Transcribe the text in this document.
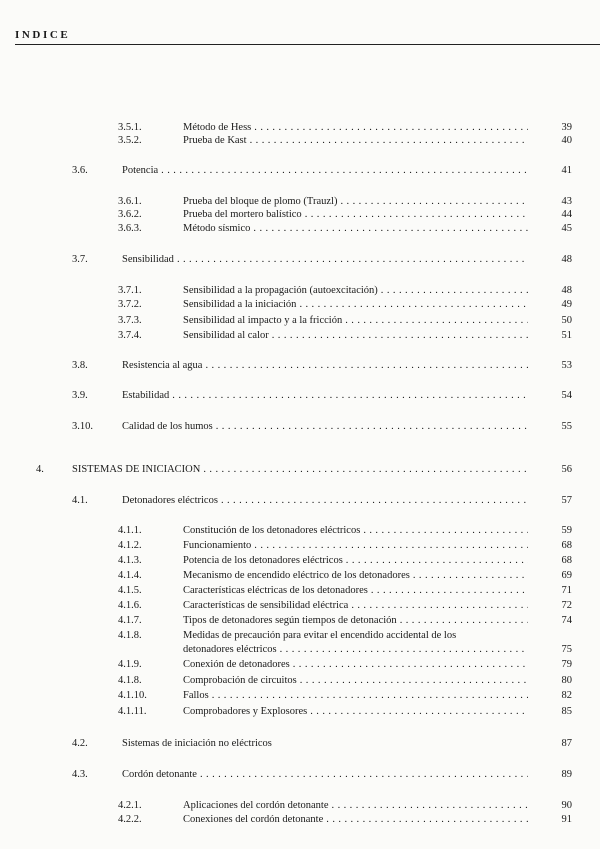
INDICE
3.5.1.	Método de Hess . . .	39
3.5.2.	Prueba de Kast . . .	40
3.6.	Potencia . . .	41
3.6.1.	Prueba del bloque de plomo (Trauzl) . . .	43
3.6.2.	Prueba del mortero balístico . . .	44
3.6.3.	Método sísmico . . .	45
3.7.	Sensibilidad . . .	48
3.7.1.	Sensibilidad a la propagación (autoexcitación) . . .	48
3.7.2.	Sensibilidad a la iniciación . . .	49
3.7.3.	Sensibilidad al impacto y a la fricción . . .	50
3.7.4.	Sensibilidad al calor . . .	51
3.8.	Resistencia al agua . . .	53
3.9.	Estabilidad . . .	54
3.10.	Calidad de los humos . . .	55
4.	SISTEMAS DE INICIACION . . .	56
4.1.	Detonadores eléctricos . . .	57
4.1.1.	Constitución de los detonadores eléctricos . . .	59
4.1.2.	Funcionamiento . . .	68
4.1.3.	Potencia de los detonadores eléctricos . . .	68
4.1.4.	Mecanismo de encendido eléctrico de los detonadores . . .	69
4.1.5.	Características eléctricas de los detonadores . . .	71
4.1.6.	Características de sensibilidad eléctrica . . .	72
4.1.7.	Tipos de detonadores según tiempos de detonación . . .	74
4.1.8.	Medidas de precaución para evitar el encendido accidental de los
detonadores eléctricos . . .	75
4.1.9.	Conexión de detonadores . . .	79
4.1.8.	Comprobación de circuitos . . .	80
4.1.10.	Fallos . . .	82
4.1.11.	Comprobadores y Explosores . . .	85
4.2.	Sistemas de iniciación no eléctricos	87
4.3.	Cordón detonante . . .	89
4.2.1.	Aplicaciones del cordón detonante . . .	90
4.2.2.	Conexiones del cordón detonante . . .	91
